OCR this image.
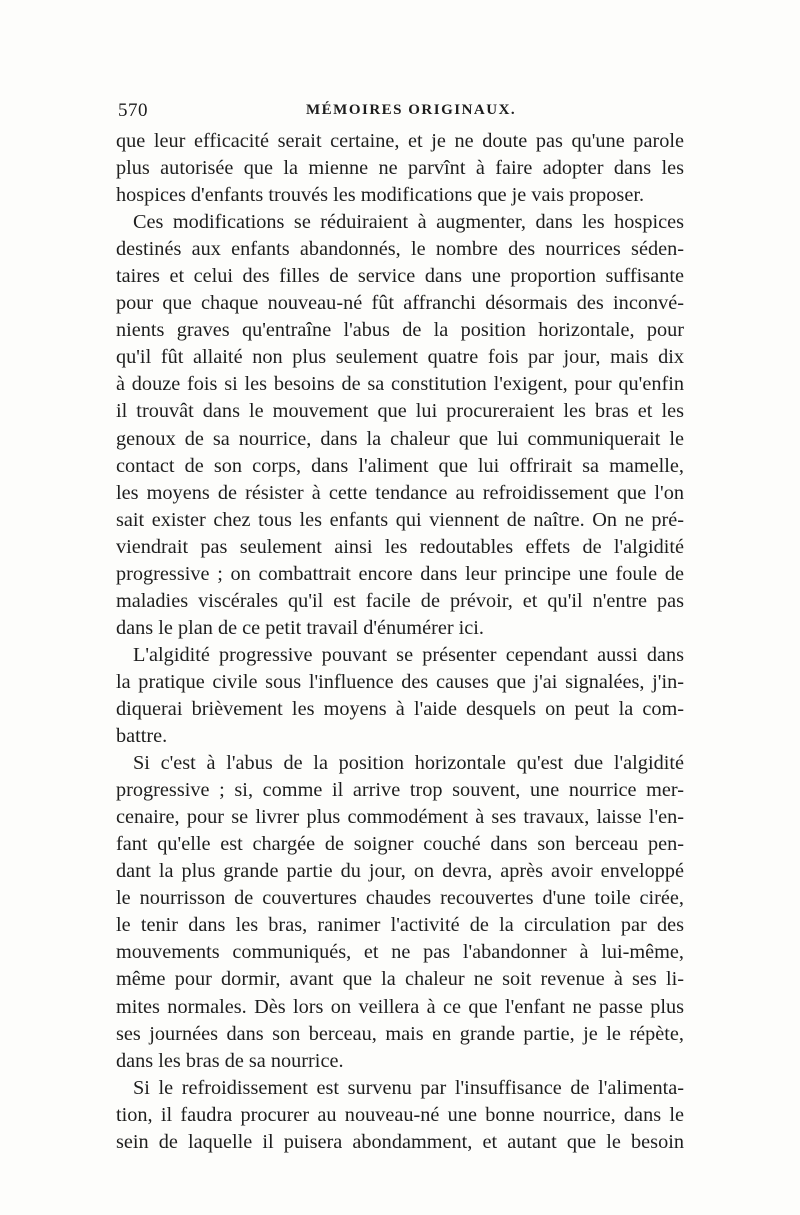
570	MÉMOIRES ORIGINAUX.
que leur efficacité serait certaine, et je ne doute pas qu'une parole
plus autorisée que la mienne ne parvînt à faire adopter dans les
hospices d'enfants trouvés les modifications que je vais proposer.
Ces modifications se réduiraient à augmenter, dans les hospices
destinés aux enfants abandonnés, le nombre des nourrices séden-
taires et celui des filles de service dans une proportion suffisante
pour que chaque nouveau-né fût affranchi désormais des inconvé-
nients graves qu'entraîne l'abus de la position horizontale, pour
qu'il fût allaité non plus seulement quatre fois par jour, mais dix
à douze fois si les besoins de sa constitution l'exigent, pour qu'enfin
il trouvât dans le mouvement que lui procureraient les bras et les
genoux de sa nourrice, dans la chaleur que lui communiquerait le
contact de son corps, dans l'aliment que lui offrirait sa mamelle,
les moyens de résister à cette tendance au refroidissement que l'on
sait exister chez tous les enfants qui viennent de naître. On ne pré-
viendrait pas seulement ainsi les redoutables effets de l'algidité
progressive ; on combattrait encore dans leur principe une foule de
maladies viscérales qu'il est facile de prévoir, et qu'il n'entre pas
dans le plan de ce petit travail d'énumérer ici.
L'algidité progressive pouvant se présenter cependant aussi dans
la pratique civile sous l'influence des causes que j'ai signalées, j'in-
diquerai brièvement les moyens à l'aide desquels on peut la com-
battre.
Si c'est à l'abus de la position horizontale qu'est due l'algidité
progressive ; si, comme il arrive trop souvent, une nourrice mer-
cenaire, pour se livrer plus commodément à ses travaux, laisse l'en-
fant qu'elle est chargée de soigner couché dans son berceau pen-
dant la plus grande partie du jour, on devra, après avoir enveloppé
le nourrisson de couvertures chaudes recouvertes d'une toile cirée,
le tenir dans les bras, ranimer l'activité de la circulation par des
mouvements communiqués, et ne pas l'abandonner à lui-même,
même pour dormir, avant que la chaleur ne soit revenue à ses li-
mites normales. Dès lors on veillera à ce que l'enfant ne passe plus
ses journées dans son berceau, mais en grande partie, je le répète,
dans les bras de sa nourrice.
Si le refroidissement est survenu par l'insuffisance de l'alimenta-
tion, il faudra procurer au nouveau-né une bonne nourrice, dans le
sein de laquelle il puisera abondamment, et autant que le besoin
